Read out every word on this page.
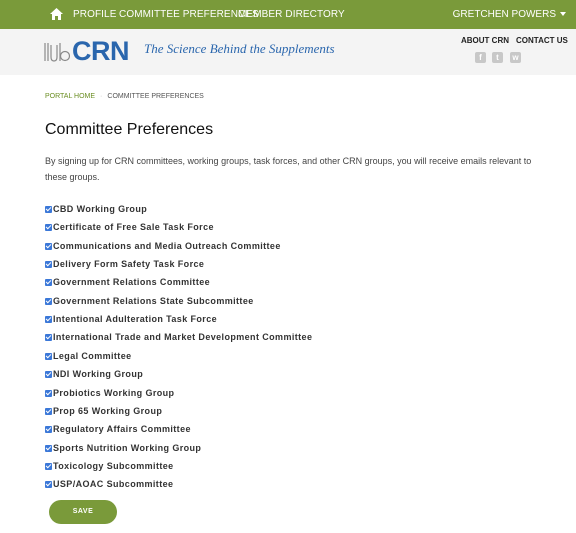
PROFILE COMMITTEE PREFERENCES
MEMBER DIRECTORY	GRETCHEN POWERS
CRN The Science Behind the Supplements
ABOUT CRN CONTACT US
f	t	w
PORTAL HOME · COMMITTEE PREFERENCES
Committee Preferences

By signing up for CRN committees, working groups, task forces, and other CRN groups, you will receive emails relevant to these groups.

CBD Working Group
Certificate of Free Sale Task Force
Communications and Media Outreach Committee
Delivery Form Safety Task Force
Government Relations Committee
Government Relations State Subcommittee
Intentional Adulteration Task Force
International Trade and Market Development Committee
Legal Committee
NDI Working Group
Probiotics Working Group
Prop 65 Working Group
Regulatory Affairs Committee
Sports Nutrition Working Group
Toxicology Subcommittee
USP/AOAC Subcommittee
SAVE
